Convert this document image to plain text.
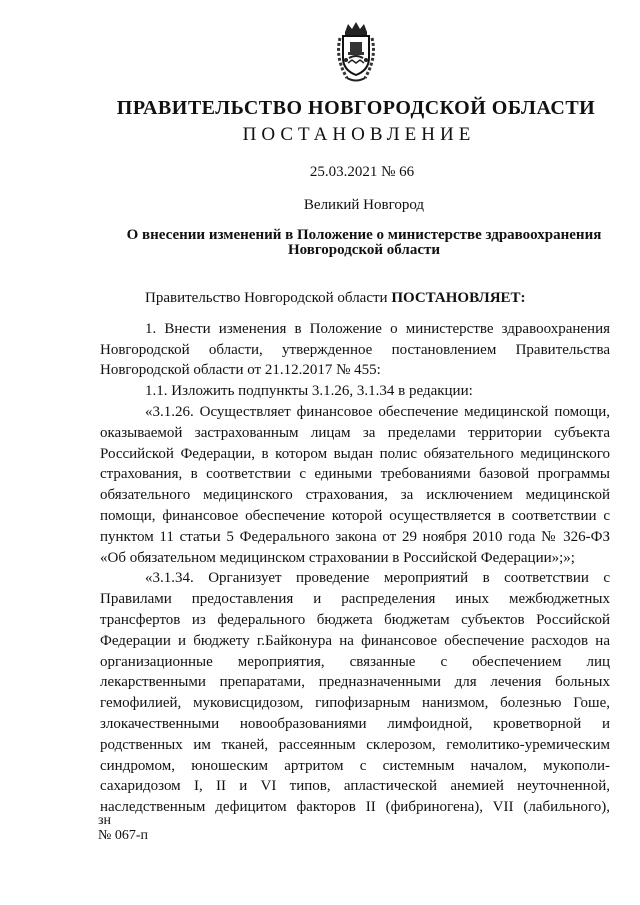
ПРАВИТЕЛЬСТВО НОВГОРОДСКОЙ ОБЛАСТИ
ПОСТАНОВЛЕНИЕ
25.03.2021 № 66
Великий Новгород
О внесении изменений в Положение о министерстве здравоохранения
Новгородской области
Правительство Новгородской области ПОСТАНОВЛЯЕТ:
1. Внести изменения в Положение о министерстве здравоохранения
Новгородской области, утвержденное постановлением Правительства
Новгородской области от 21.12.2017 № 455:
1.1. Изложить подпункты 3.1.26, 3.1.34 в редакции:
«3.1.26. Осуществляет финансовое обеспечение медицинской помощи,
оказываемой застрахованным лицам за пределами территории субъекта
Российской Федерации, в котором выдан полис обязательного медицинского
страхования, в соответствии с едиными требованиями базовой программы
обязательного медицинского страхования, за исключением медицинской
помощи, финансовое обеспечение которой осуществляется в соответствии с
пунктом 11 статьи 5 Федерального закона от 29 ноября 2010 года № 326-ФЗ
«Об обязательном медицинском страховании в Российской Федерации»;»;
«3.1.34. Организует проведение мероприятий в соответствии с
Правилами предоставления и распределения иных межбюджетных
трансфертов из федерального бюджета бюджетам субъектов Российской
Федерации и бюджету г.Байконура на финансовое обеспечение расходов на
организационные мероприятия, связанные с обеспечением лиц
лекарственными препаратами, предназначенными для лечения больных
гемофилией, муковисцидозом, гипофизарным нанизмом, болезнью Гоше,
злокачественными новообразованиями лимфоидной, кроветворной и
родственных им тканей, рассеянным склерозом, гемолитико-уремическим
синдромом, юношеским артритом с системным началом, мукополи-
сахаридозом I, II и VI типов, апластической анемией неуточненной,
наследственным дефицитом факторов II (фибриногена), VII (лабильного),
зн
№ 067-п
